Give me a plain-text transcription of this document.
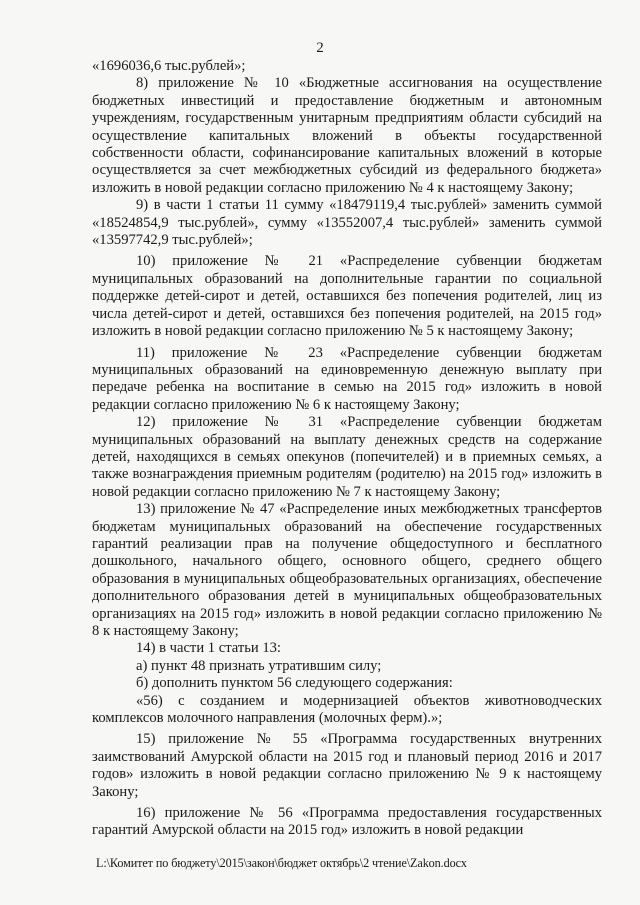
2

«1696036,6 тыс.рублей»;

8) приложение № 10 «Бюджетные ассигнования на осуществление бюджетных инвестиций и предоставление бюджетным и автономным учреждениям, государственным унитарным предприятиям области субсидий на осуществление капитальных вложений в объекты государственной собственности области, софинансирование капитальных вложений в которые осуществляется за счет межбюджетных субсидий из федерального бюджета» изложить в новой редакции согласно приложению № 4 к настоящему Закону;

9) в части 1 статьи 11 сумму «18479119,4 тыс.рублей» заменить суммой «18524854,9 тыс.рублей», сумму «13552007,4 тыс.рублей» заменить суммой «13597742,9 тыс.рублей»;

10) приложение № 21 «Распределение субвенции бюджетам муниципальных образований на дополнительные гарантии по социальной поддержке детей-сирот и детей, оставшихся без попечения родителей, лиц из числа детей-сирот и детей, оставшихся без попечения родителей, на 2015 год» изложить в новой редакции согласно приложению № 5 к настоящему Закону;

11) приложение № 23 «Распределение субвенции бюджетам муниципальных образований на единовременную денежную выплату при передаче ребенка на воспитание в семью на 2015 год» изложить в новой редакции согласно приложению № 6 к настоящему Закону;

12) приложение № 31 «Распределение субвенции бюджетам муниципальных образований на выплату денежных средств на содержание детей, находящихся в семьях опекунов (попечителей) и в приемных семьях, а также вознаграждения приемным родителям (родителю) на 2015 год» изложить в новой редакции согласно приложению № 7 к настоящему Закону;

13) приложение № 47 «Распределение иных межбюджетных трансфертов бюджетам муниципальных образований на обеспечение государственных гарантий реализации прав на получение общедоступного и бесплатного дошкольного, начального общего, основного общего, среднего общего образования в муниципальных общеобразовательных организациях, обеспечение дополнительного образования детей в муниципальных общеобразовательных организациях на 2015 год» изложить в новой редакции согласно приложению № 8 к настоящему Закону;

14) в части 1 статьи 13:

а) пункт 48 признать утратившим силу;

б) дополнить пунктом 56 следующего содержания:

«56) с созданием и модернизацией объектов животноводческих комплексов молочного направления (молочных ферм).»;

15) приложение № 55 «Программа государственных внутренних заимствований Амурской области на 2015 год и плановый период 2016 и 2017 годов» изложить в новой редакции согласно приложению № 9 к настоящему Закону;

16) приложение № 56 «Программа предоставления государственных гарантий Амурской области на 2015 год» изложить в новой редакции

L:\Комитет по бюджету\2015\закон\бюджет октябрь\2 чтение\Zakon.docx
